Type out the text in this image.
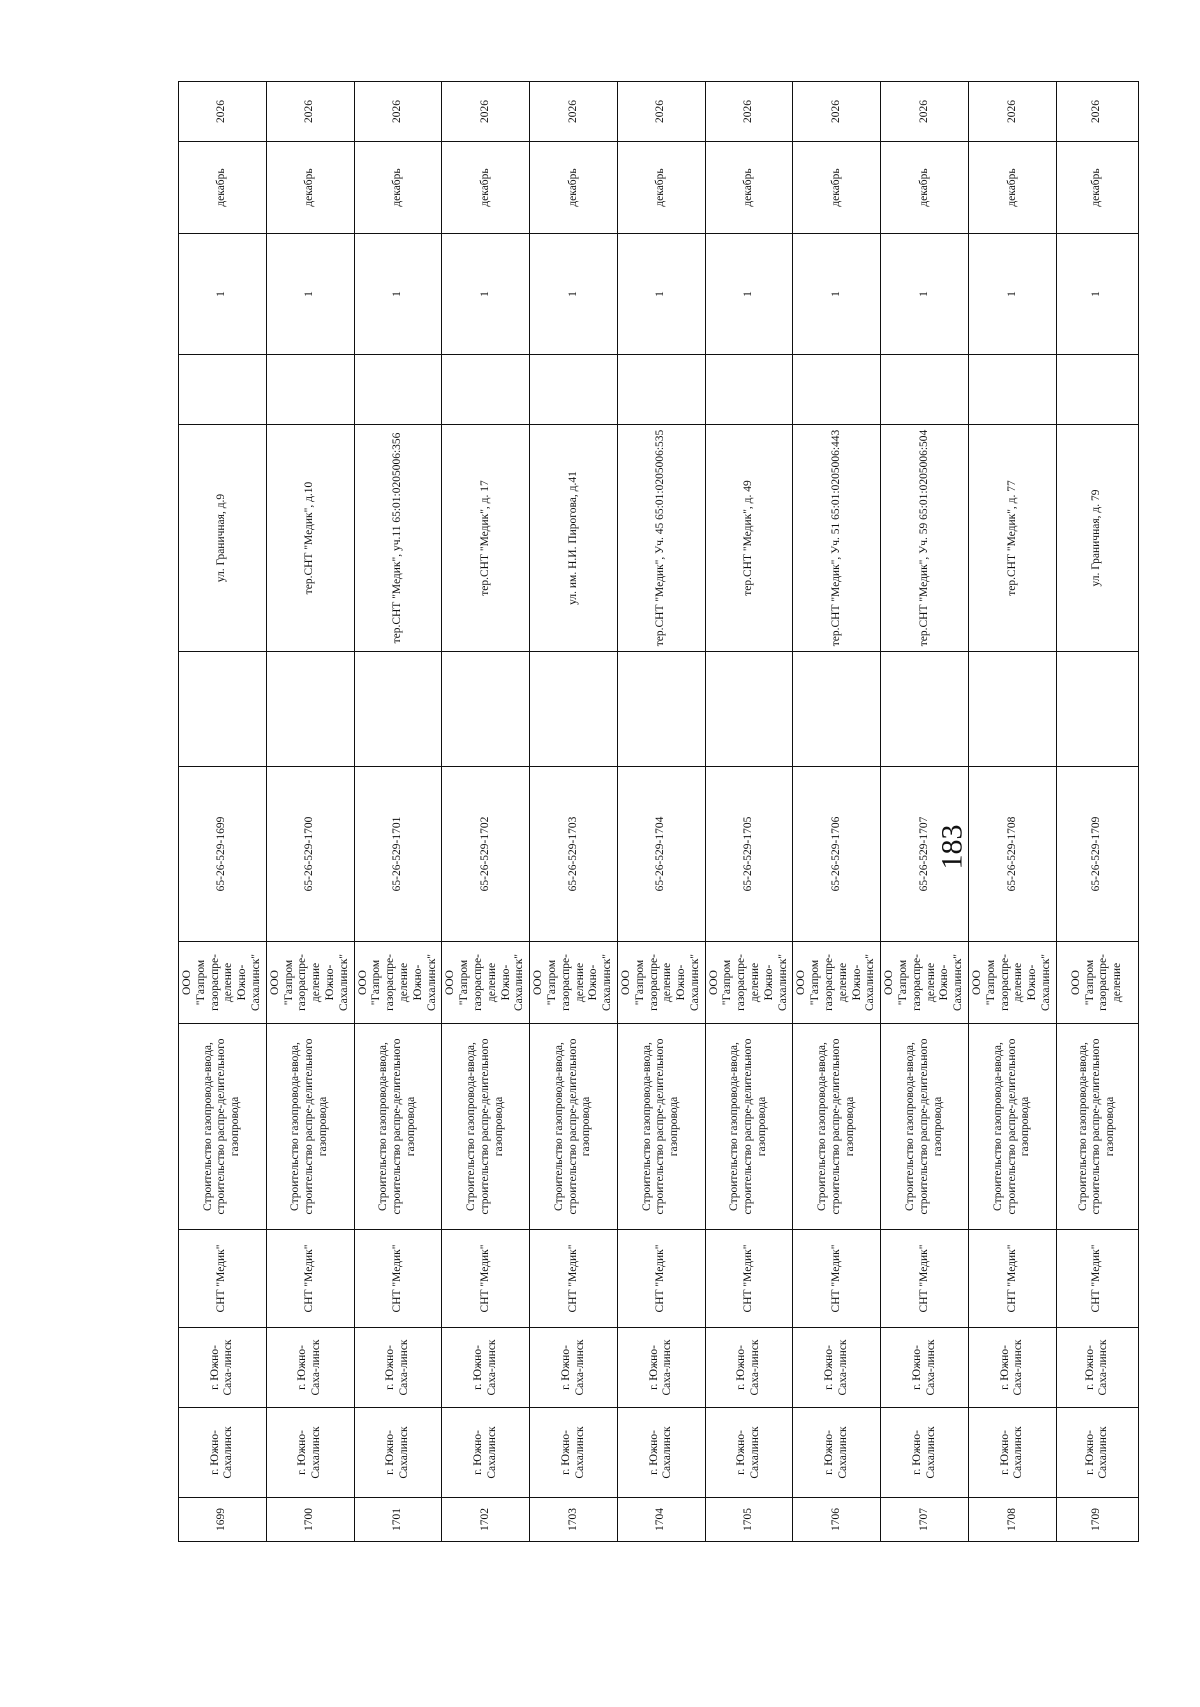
183
1699	г. Южно-Сахалинск	г. Южно-Саха-линск	СНТ "Медик"	Строительство газопровода-ввода, строительство распре-делительного газопровода	ООО "Газпром газораспре-деление Южно-Сахалинск"	65-26-529-1699		ул. Граничная, д.9		1	декабрь	2026
1700	г. Южно-Сахалинск	г. Южно-Саха-линск	СНТ "Медик"	Строительство газопровода-ввода, строительство распре-делительного газопровода	ООО "Газпром газораспре-деление Южно-Сахалинск"	65-26-529-1700		тер.СНТ "Медик", д.10		1	декабрь	2026
1701	г. Южно-Сахалинск	г. Южно-Саха-линск	СНТ "Медик"	Строительство газопровода-ввода, строительство распре-делительного газопровода	ООО "Газпром газораспре-деление Южно-Сахалинск"	65-26-529-1701		тер.СНТ "Медик", уч.11 65:01:0205006:356		1	декабрь	2026
1702	г. Южно-Сахалинск	г. Южно-Саха-линск	СНТ "Медик"	Строительство газопровода-ввода, строительство распре-делительного газопровода	ООО "Газпром газораспре-деление Южно-Сахалинск"	65-26-529-1702		тер.СНТ "Медик", д. 17		1	декабрь	2026
1703	г. Южно-Сахалинск	г. Южно-Саха-линск	СНТ "Медик"	Строительство газопровода-ввода, строительство распре-делительного газопровода	ООО "Газпром газораспре-деление Южно-Сахалинск"	65-26-529-1703		ул. им. Н.И. Пирогова, д.41		1	декабрь	2026
1704	г. Южно-Сахалинск	г. Южно-Саха-линск	СНТ "Медик"	Строительство газопровода-ввода, строительство распре-делительного газопровода	ООО "Газпром газораспре-деление Южно-Сахалинск"	65-26-529-1704		тер.СНТ "Медик", Уч. 45 65:01:0205006:535		1	декабрь	2026
1705	г. Южно-Сахалинск	г. Южно-Саха-линск	СНТ "Медик"	Строительство газопровода-ввода, строительство распре-делительного газопровода	ООО "Газпром газораспре-деление Южно-Сахалинск"	65-26-529-1705		тер.СНТ "Медик", д. 49		1	декабрь	2026
1706	г. Южно-Сахалинск	г. Южно-Саха-линск	СНТ "Медик"	Строительство газопровода-ввода, строительство распре-делительного газопровода	ООО "Газпром газораспре-деление Южно-Сахалинск"	65-26-529-1706		тер.СНТ "Медик", Уч. 51 65:01:0205006:443		1	декабрь	2026
1707	г. Южно-Сахалинск	г. Южно-Саха-линск	СНТ "Медик"	Строительство газопровода-ввода, строительство распре-делительного газопровода	ООО "Газпром газораспре-деление Южно-Сахалинск"	65-26-529-1707		тер.СНТ "Медик", Уч. 59 65:01:0205006:504		1	декабрь	2026
1708	г. Южно-Сахалинск	г. Южно-Саха-линск	СНТ "Медик"	Строительство газопровода-ввода, строительство распре-делительного газопровода	ООО "Газпром газораспре-деление Южно-Сахалинск"	65-26-529-1708		тер.СНТ "Медик", д. 77		1	декабрь	2026
1709	г. Южно-Сахалинск	г. Южно-Саха-линск	СНТ "Медик"	Строительство газопровода-ввода, строительство распре-делительного газопровода	ООО "Газпром газораспре-деление	65-26-529-1709		ул. Граничная, д. 79		1	декабрь	2026
